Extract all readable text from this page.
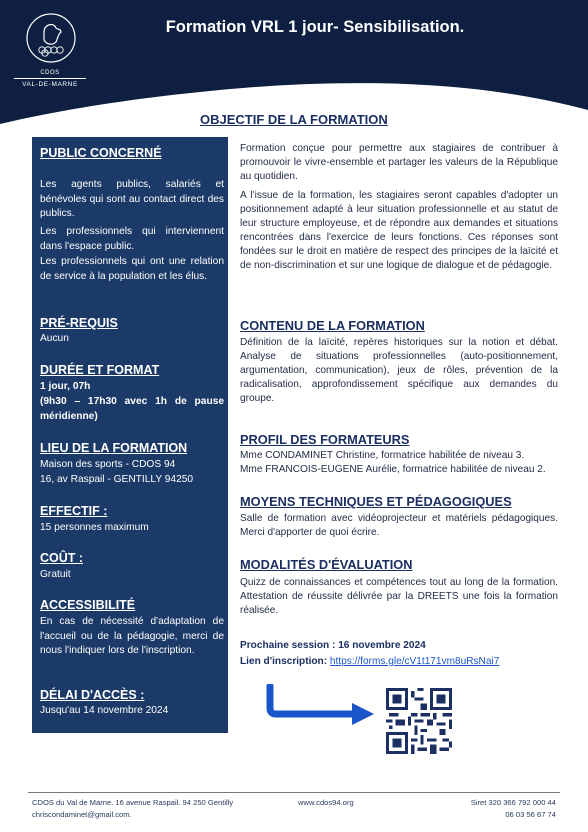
CDOS
VAL-DE-MARNE
Formation VRL 1 jour- Sensibilisation.
OBJECTIF DE LA FORMATION
PUBLIC CONCERNÉ
Les agents publics, salariés et bénévoles qui sont au contact direct des publics.
Les professionnels qui interviennent dans l'espace public.
Les professionnels qui ont une relation de service à la population et les élus.
PRÉ-REQUIS
Aucun
DURÉE ET FORMAT
1 jour, 07h
(9h30 – 17h30 avec 1h de pause méridienne)
LIEU DE LA FORMATION
Maison des sports - CDOS 94
16, av Raspail - GENTILLY 94250
EFFECTIF :
15 personnes maximum
COÛT :
Gratuit
ACCESSIBILITÉ
En cas de nécessité d'adaptation de l'accueil ou de la pédagogie, merci de nous l'indiquer lors de l'inscription.
DÉLAI D'ACCÈS :
Jusqu'au 14 novembre 2024
Formation conçue pour permettre aux stagiaires de contribuer à promouvoir le vivre-ensemble et partager les valeurs de la République au quotidien.
A l'issue de la formation, les stagiaires seront capables d'adopter un positionnement adapté à leur situation professionnelle et au statut de leur structure employeuse, et de répondre aux demandes et situations rencontrées dans l'exercice de leurs fonctions. Ces réponses sont fondées sur le droit en matière de respect des principes de la laïcité et de non-discrimination et sur une logique de dialogue et de pédagogie.
CONTENU DE LA FORMATION
Définition de la laïcité, repères historiques sur la notion et débat. Analyse de situations professionnelles (auto-positionnement, argumentation, communication), jeux de rôles, prévention de la radicalisation, approfondissement spécifique aux demandes du groupe.
PROFIL DES FORMATEURS
Mme CONDAMINET Christine, formatrice habilitée de niveau 3.
Mme FRANCOIS-EUGENE Aurélie, formatrice habilitée de niveau 2.
MOYENS TECHNIQUES ET PÉDAGOGIQUES
Salle de formation avec vidéoprojecteur et matériels pédagogiques. Merci d'apporter de quoi écrire.
MODALITÉS D'ÉVALUATION
Quizz de connaissances et compétences tout au long de la formation. Attestation de réussite délivrée par la DREETS une fois la formation réalisée.
Prochaine session : 16 novembre 2024
Lien d'inscription: https://forms.gle/cV1t171vm8uRsNai7
CDOS du Val de Marne. 16 avenue Raspail. 94 250 Gentilly
chriscondaminet@gmail.com.
www.cdos94.org	Siret 320 366 792 000 44
06 03 56 67 74
